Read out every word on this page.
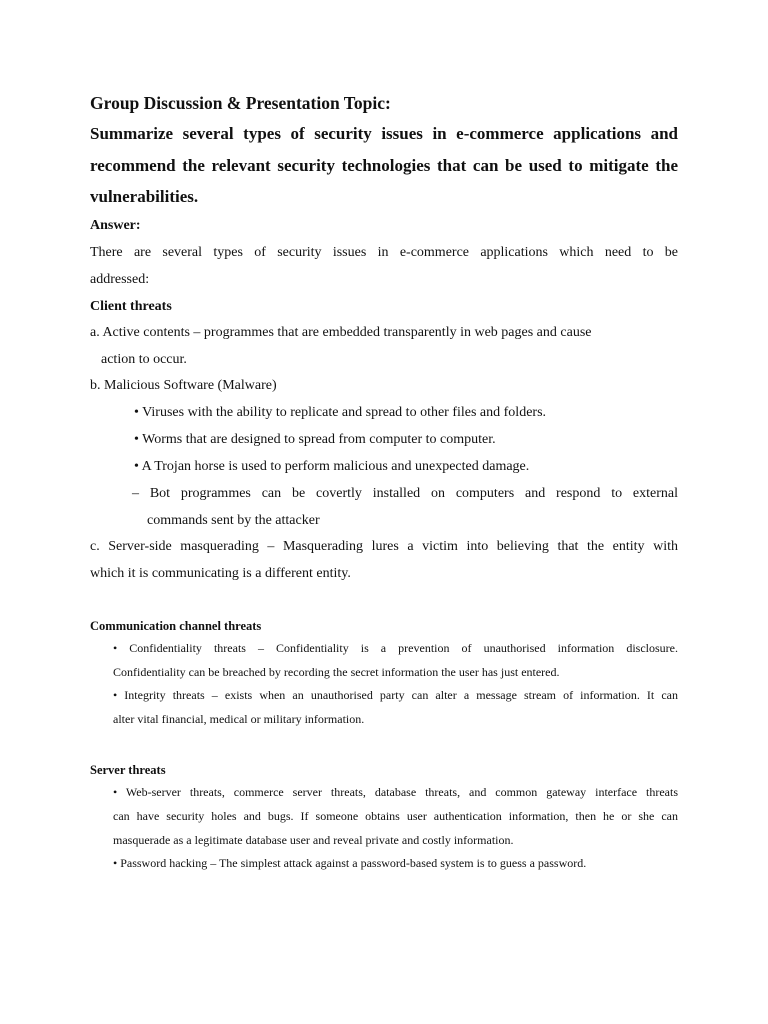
Group Discussion & Presentation Topic:

Summarize several types of security issues in e-commerce applications and

recommend the relevant security technologies that can be used to mitigate the

vulnerabilities.

Answer:

There are several types of security issues in e-commerce applications which need to be

addressed:

Client threats

a. Active contents – programmes that are embedded transparently in web pages and cause

action to occur.

b. Malicious Software (Malware)

• Viruses with the ability to replicate and spread to other files and folders.

• Worms that are designed to spread from computer to computer.

• A Trojan horse is used to perform malicious and unexpected damage.

– Bot programmes can be covertly installed on computers and respond to external

commands sent by the attacker

c. Server-side masquerading – Masquerading lures a victim into believing that the entity with

which it is communicating is a different entity.

Communication channel threats

• Confidentiality threats – Confidentiality is a prevention of unauthorised information disclosure.

Confidentiality can be breached by recording the secret information the user has just entered.

• Integrity threats – exists when an unauthorised party can alter a message stream of information. It can

alter vital financial, medical or military information.

Server threats

• Web-server threats, commerce server threats, database threats, and common gateway interface threats

can have security holes and bugs. If someone obtains user authentication information, then he or she can

masquerade as a legitimate database user and reveal private and costly information.

• Password hacking – The simplest attack against a password-based system is to guess a password.
